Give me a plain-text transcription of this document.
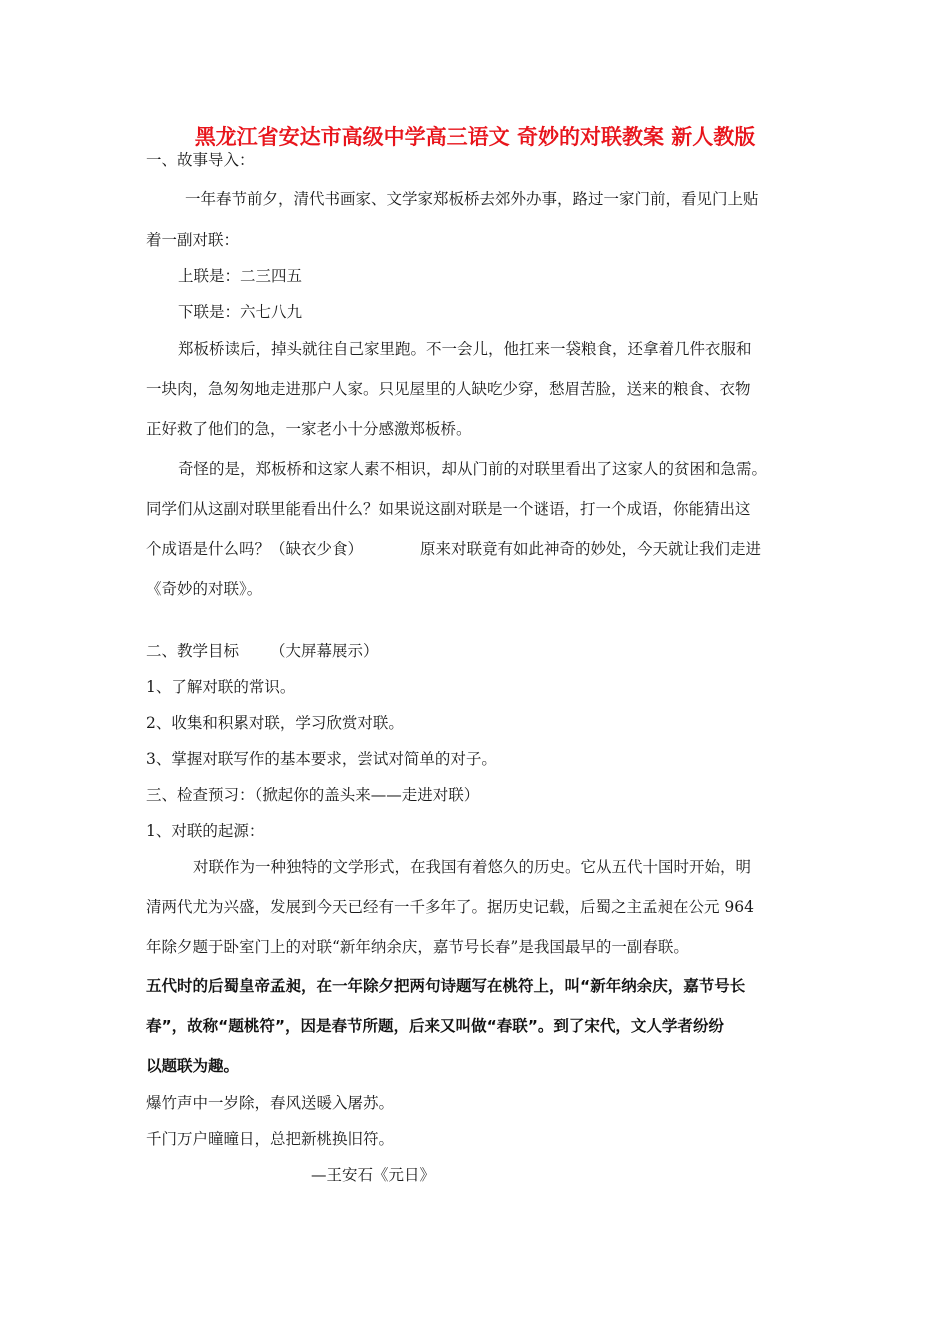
黑龙江省安达市高级中学高三语文 奇妙的对联教案 新人教版
一、故事导入：
一年春节前夕，清代书画家、文学家郑板桥去郊外办事，路过一家门前，看见门上贴
着一副对联：
上联是：二三四五
下联是：六七八九
郑板桥读后，掉头就往自己家里跑。不一会儿，他扛来一袋粮食，还拿着几件衣服和
一块肉，急匆匆地走进那户人家。只见屋里的人缺吃少穿，愁眉苦脸，送来的粮食、衣物
正好救了他们的急，一家老小十分感激郑板桥。
奇怪的是，郑板桥和这家人素不相识，却从门前的对联里看出了这家人的贫困和急需。
同学们从这副对联里能看出什么？如果说这副对联是一个谜语，打一个成语，你能猜出这
个成语是什么吗？（缺衣少食）	原来对联竟有如此神奇的妙处，今天就让我们走进
《奇妙的对联》。
二、教学目标 （大屏幕展示）
1、了解对联的常识。
2、收集和积累对联，学习欣赏对联。
3、掌握对联写作的基本要求，尝试对简单的对子。
三、检查预习：（掀起你的盖头来——走进对联）
1、对联的起源：
对联作为一种独特的文学形式，在我国有着悠久的历史。它从五代十国时开始，明
清两代尤为兴盛，发展到今天已经有一千多年了。据历史记载，后蜀之主孟昶在公元 964
年除夕题于卧室门上的对联“新年纳余庆，嘉节号长春”是我国最早的一副春联。
五代时的后蜀皇帝孟昶，在一年除夕把两句诗题写在桃符上，叫“新年纳余庆，嘉节号长
春”，故称“题桃符”，因是春节所题，后来又叫做“春联”。到了宋代，文人学者纷纷
以题联为趣。
爆竹声中一岁除，春风送暖入屠苏。
千门万户曈曈日，总把新桃换旧符。
—王安石《元日》
